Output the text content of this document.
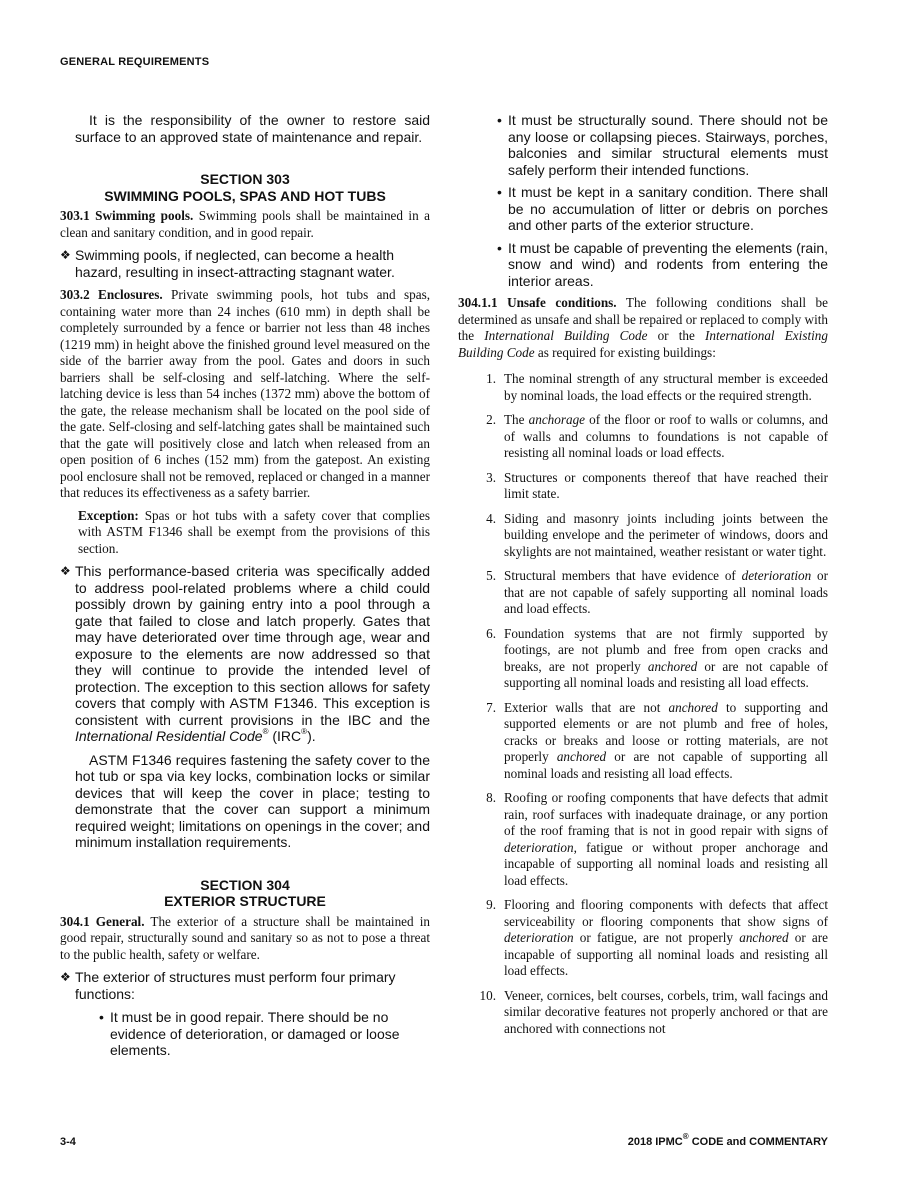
GENERAL REQUIREMENTS

It is the responsibility of the owner to restore said surface to an approved state of maintenance and repair.

SECTION 303
SWIMMING POOLS, SPAS AND HOT TUBS

303.1 Swimming pools. Swimming pools shall be maintained in a clean and sanitary condition, and in good repair.

❖ Swimming pools, if neglected, can become a health hazard, resulting in insect-attracting stagnant water.

303.2 Enclosures. Private swimming pools, hot tubs and spas, containing water more than 24 inches (610 mm) in depth shall be completely surrounded by a fence or barrier not less than 48 inches (1219 mm) in height above the finished ground level measured on the side of the barrier away from the pool. Gates and doors in such barriers shall be self-closing and self-latching. Where the self-latching device is less than 54 inches (1372 mm) above the bottom of the gate, the release mechanism shall be located on the pool side of the gate. Self-closing and self-latching gates shall be maintained such that the gate will positively close and latch when released from an open position of 6 inches (152 mm) from the gatepost. An existing pool enclosure shall not be removed, replaced or changed in a manner that reduces its effectiveness as a safety barrier.

Exception: Spas or hot tubs with a safety cover that complies with ASTM F1346 shall be exempt from the provisions of this section.

❖ This performance-based criteria was specifically added to address pool-related problems where a child could possibly drown by gaining entry into a pool through a gate that failed to close and latch properly. Gates that may have deteriorated over time through age, wear and exposure to the elements are now addressed so that they will continue to provide the intended level of protection. The exception to this section allows for safety covers that comply with ASTM F1346. This exception is consistent with current provisions in the IBC and the International Residential Code® (IRC®).

ASTM F1346 requires fastening the safety cover to the hot tub or spa via key locks, combination locks or similar devices that will keep the cover in place; testing to demonstrate that the cover can support a minimum required weight; limitations on openings in the cover; and minimum installation requirements.

SECTION 304
EXTERIOR STRUCTURE

304.1 General. The exterior of a structure shall be maintained in good repair, structurally sound and sanitary so as not to pose a threat to the public health, safety or welfare.

❖ The exterior of structures must perform four primary functions:
• It must be in good repair. There should be no evidence of deterioration, or damaged or loose elements.
• It must be structurally sound. There should not be any loose or collapsing pieces. Stairways, porches, balconies and similar structural elements must safely perform their intended functions.
• It must be kept in a sanitary condition. There shall be no accumulation of litter or debris on porches and other parts of the exterior structure.
• It must be capable of preventing the elements (rain, snow and wind) and rodents from entering the interior areas.

304.1.1 Unsafe conditions. The following conditions shall be determined as unsafe and shall be repaired or replaced to comply with the International Building Code or the International Existing Building Code as required for existing buildings:

1. The nominal strength of any structural member is exceeded by nominal loads, the load effects or the required strength.
2. The anchorage of the floor or roof to walls or columns, and of walls and columns to foundations is not capable of resisting all nominal loads or load effects.
3. Structures or components thereof that have reached their limit state.
4. Siding and masonry joints including joints between the building envelope and the perimeter of windows, doors and skylights are not maintained, weather resistant or water tight.
5. Structural members that have evidence of deterioration or that are not capable of safely supporting all nominal loads and load effects.
6. Foundation systems that are not firmly supported by footings, are not plumb and free from open cracks and breaks, are not properly anchored or are not capable of supporting all nominal loads and resisting all load effects.
7. Exterior walls that are not anchored to supporting and supported elements or are not plumb and free of holes, cracks or breaks and loose or rotting materials, are not properly anchored or are not capable of supporting all nominal loads and resisting all load effects.
8. Roofing or roofing components that have defects that admit rain, roof surfaces with inadequate drainage, or any portion of the roof framing that is not in good repair with signs of deterioration, fatigue or without proper anchorage and incapable of supporting all nominal loads and resisting all load effects.
9. Flooring and flooring components with defects that affect serviceability or flooring components that show signs of deterioration or fatigue, are not properly anchored or are incapable of supporting all nominal loads and resisting all load effects.
10. Veneer, cornices, belt courses, corbels, trim, wall facings and similar decorative features not properly anchored or that are anchored with connections not
3-4	2018 IPMC® CODE and COMMENTARY
